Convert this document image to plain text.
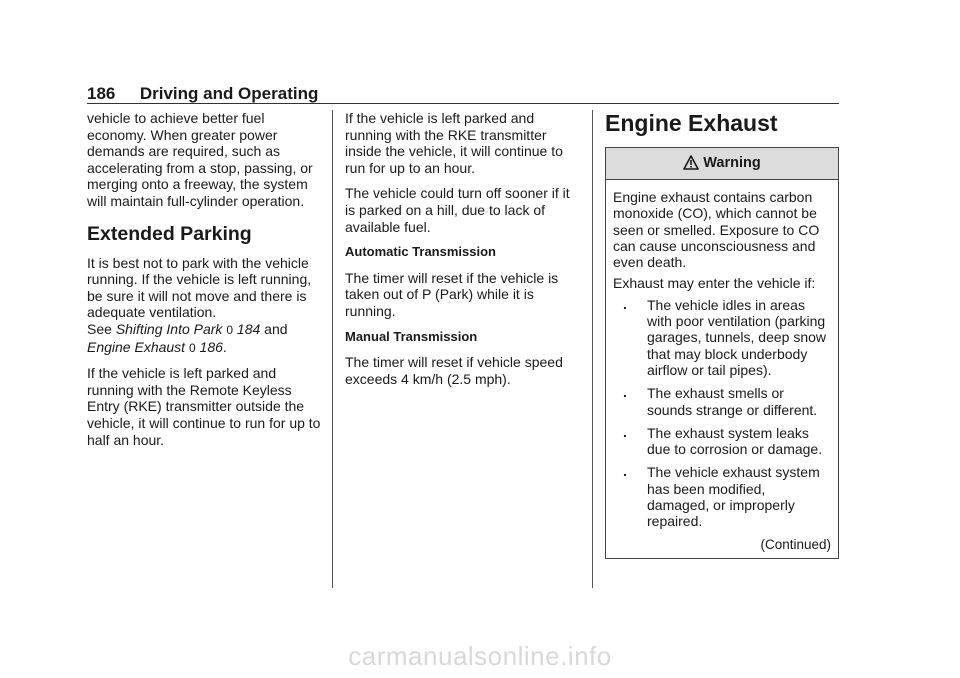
186 Driving and Operating

vehicle to achieve better fuel economy. When greater power demands are required, such as accelerating from a stop, passing, or merging onto a freeway, the system will maintain full-cylinder operation.

Extended Parking

It is best not to park with the vehicle running. If the vehicle is left running, be sure it will not move and there is adequate ventilation.
See Shifting Into Park 0 184 and
Engine Exhaust 0 186.

If the vehicle is left parked and running with the Remote Keyless Entry (RKE) transmitter outside the vehicle, it will continue to run for up to half an hour.

If the vehicle is left parked and running with the RKE transmitter inside the vehicle, it will continue to run for up to an hour.

The vehicle could turn off sooner if it is parked on a hill, due to lack of available fuel.

Automatic Transmission

The timer will reset if the vehicle is taken out of P (Park) while it is running.

Manual Transmission

The timer will reset if vehicle speed exceeds 4 km/h (2.5 mph).

Engine Exhaust
Warning

Engine exhaust contains carbon monoxide (CO), which cannot be seen or smelled. Exposure to CO can cause unconsciousness and even death.

Exhaust may enter the vehicle if:

. The vehicle idles in areas with poor ventilation (parking garages, tunnels, deep snow that may block underbody airflow or tail pipes).
. The exhaust smells or sounds strange or different.
. The exhaust system leaks due to corrosion or damage.
. The vehicle exhaust system has been modified, damaged, or improperly repaired.
(Continued)
carmanualsonline.info
